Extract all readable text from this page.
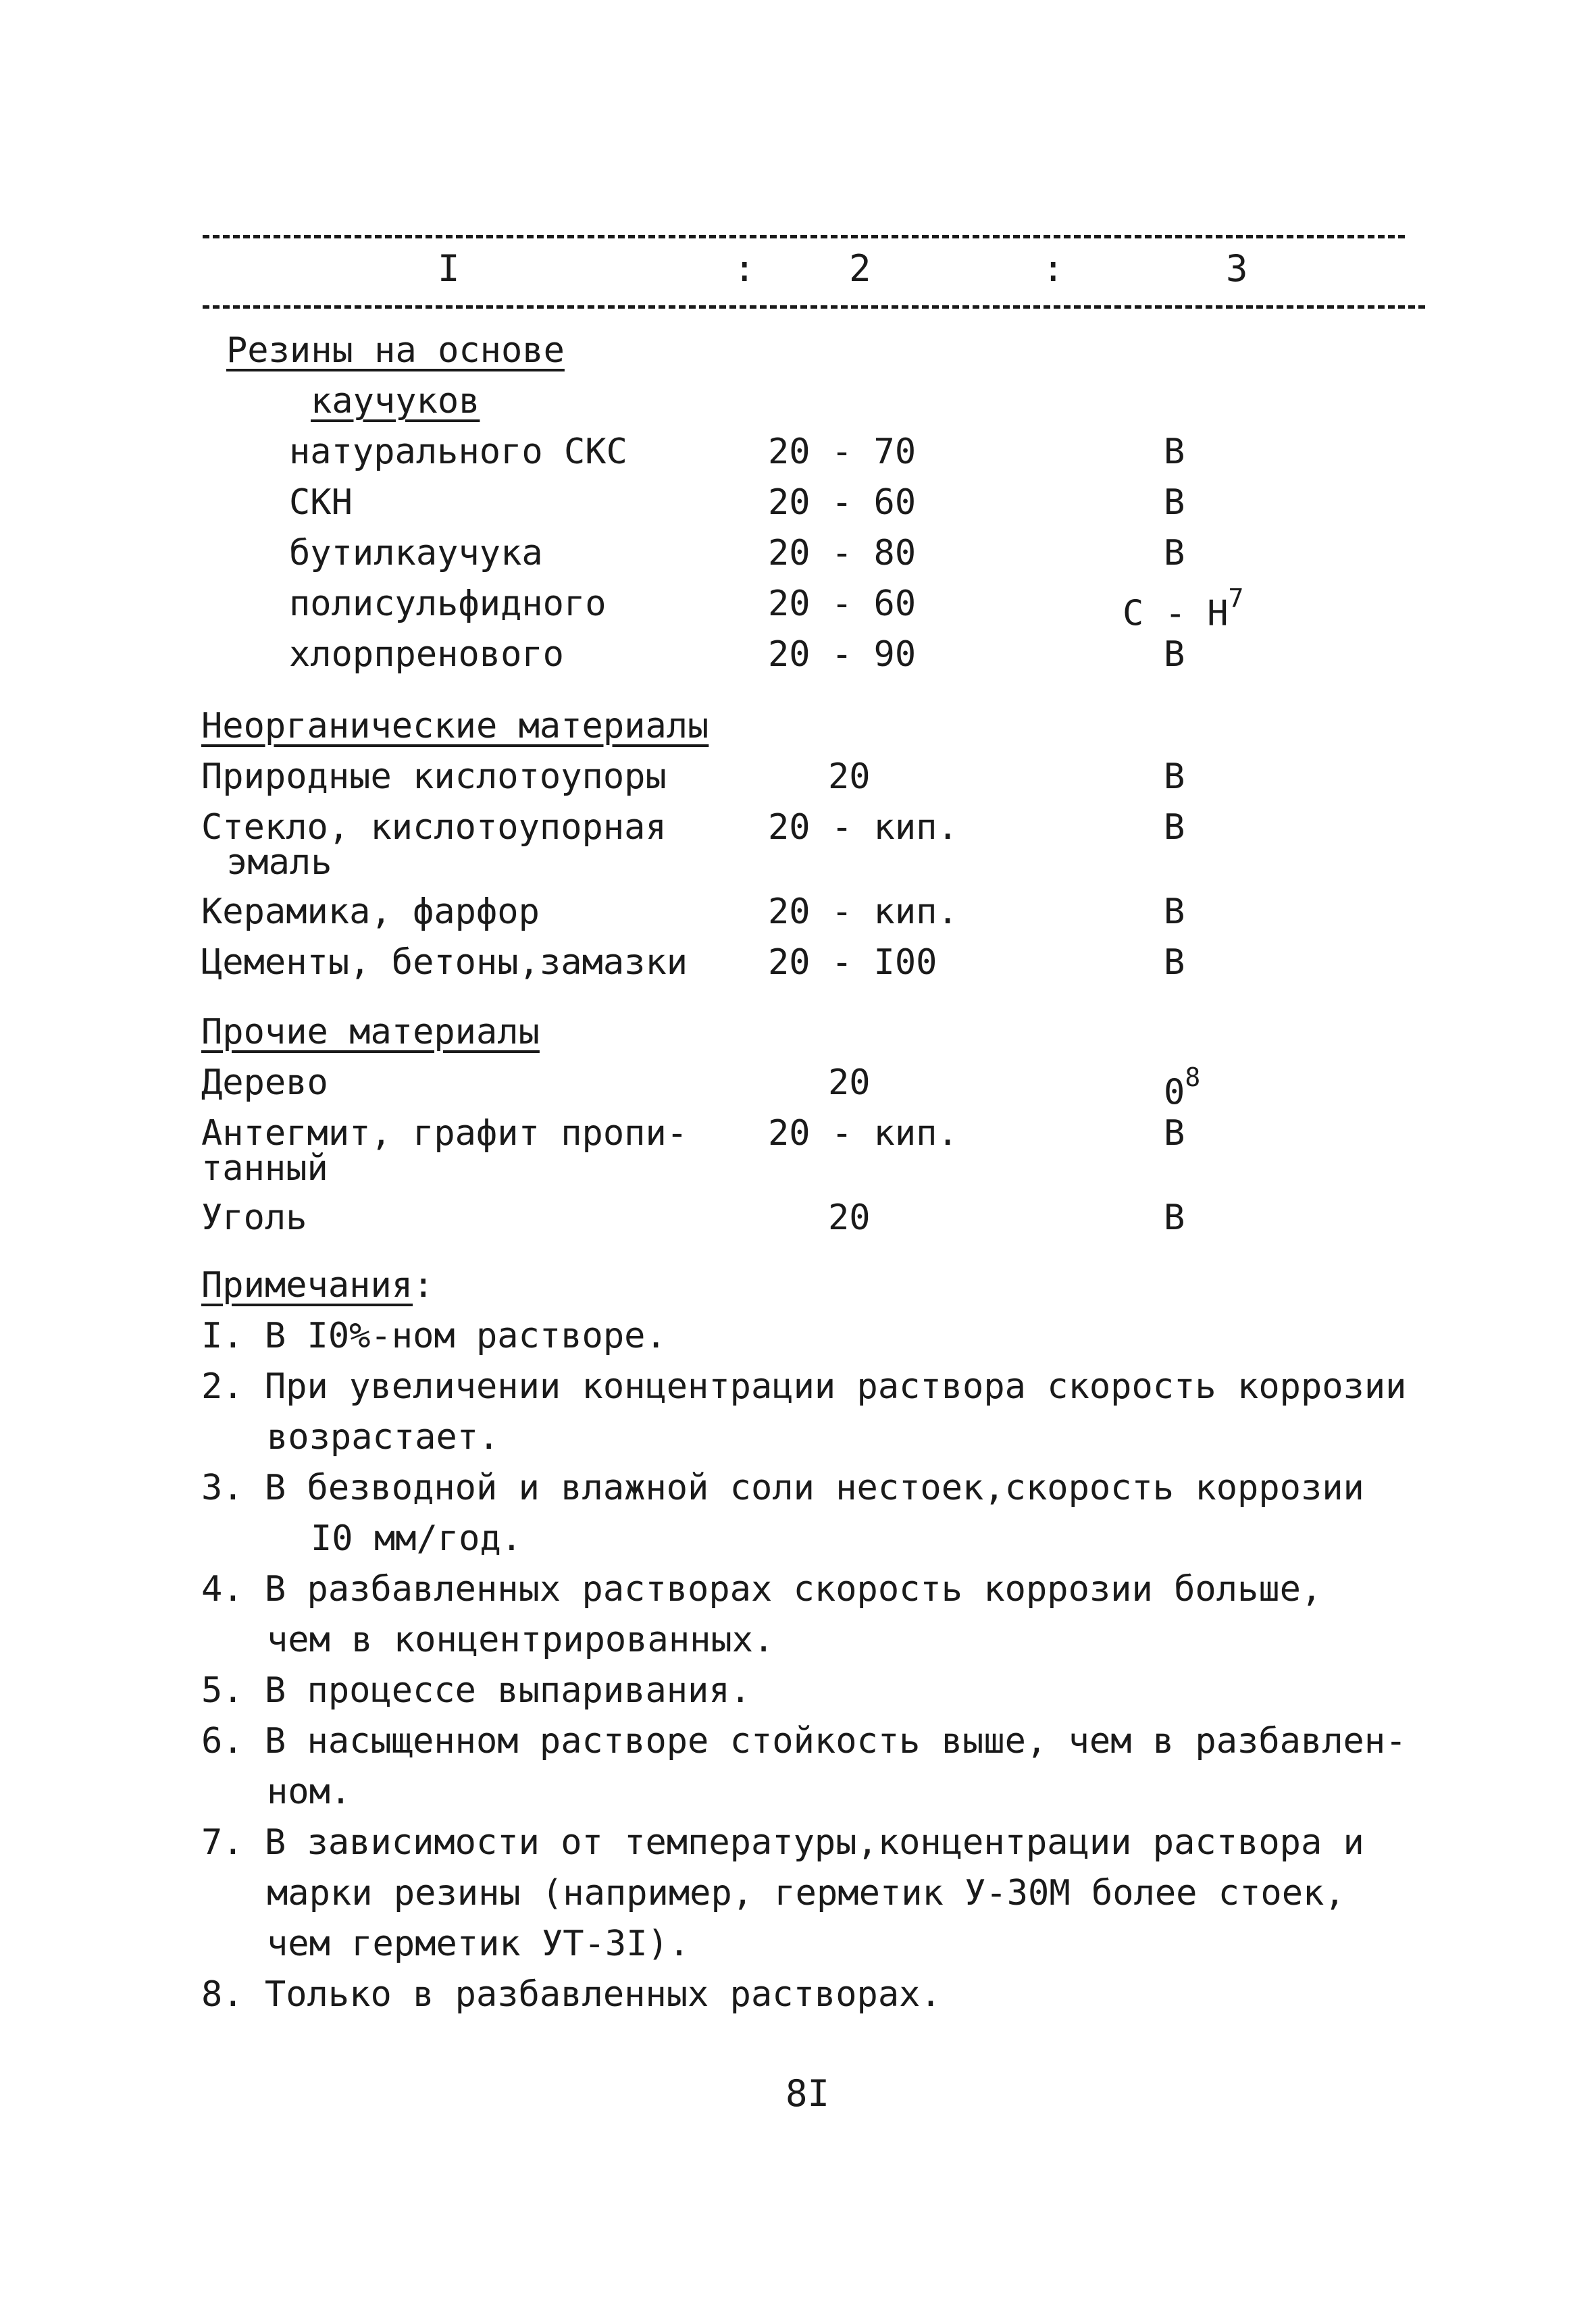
I	:	2	:	3
Резины на основе
каучуков
натурального СКС	20 - 70	B
СКН	20 - 60	B
бутилкаучука	20 - 80	B
полисульфидного	20 - 60	C - $H^7$
хлорпренового	20 - 90	B
Неорганические материалы
Природные кислотоупоры	20	B
Стекло, кислотоупорная	20 - кип.	B
эмаль
Керамика, фарфор	20 - кип.	B
Цементы, бетоны,замазки 20 - I00	B
Прочие материалы
Дерево	20	$0^8$
Антегмит, графит пропи- 20 - кип.	B
танный
Уголь	20	B
Примечания:
I. В I0%-ном растворе.
2. При увеличении концентрации раствора скорость коррозии
возрастает.
3. В безводной и влажной соли нестоек,скорость коррозии
I0 мм/год.
4. В разбавленных растворах скорость коррозии больше,
чем в концентрированных.
5. В процессе выпаривания.
6. В насыщенном растворе стойкость выше, чем в разбавлен-
ном.
7. В зависимости от температуры,концентрации раствора и
марки резины (например, герметик У-30М более стоек,
чем герметик УТ-3I).
8. Только в разбавленных растворах.
8I
